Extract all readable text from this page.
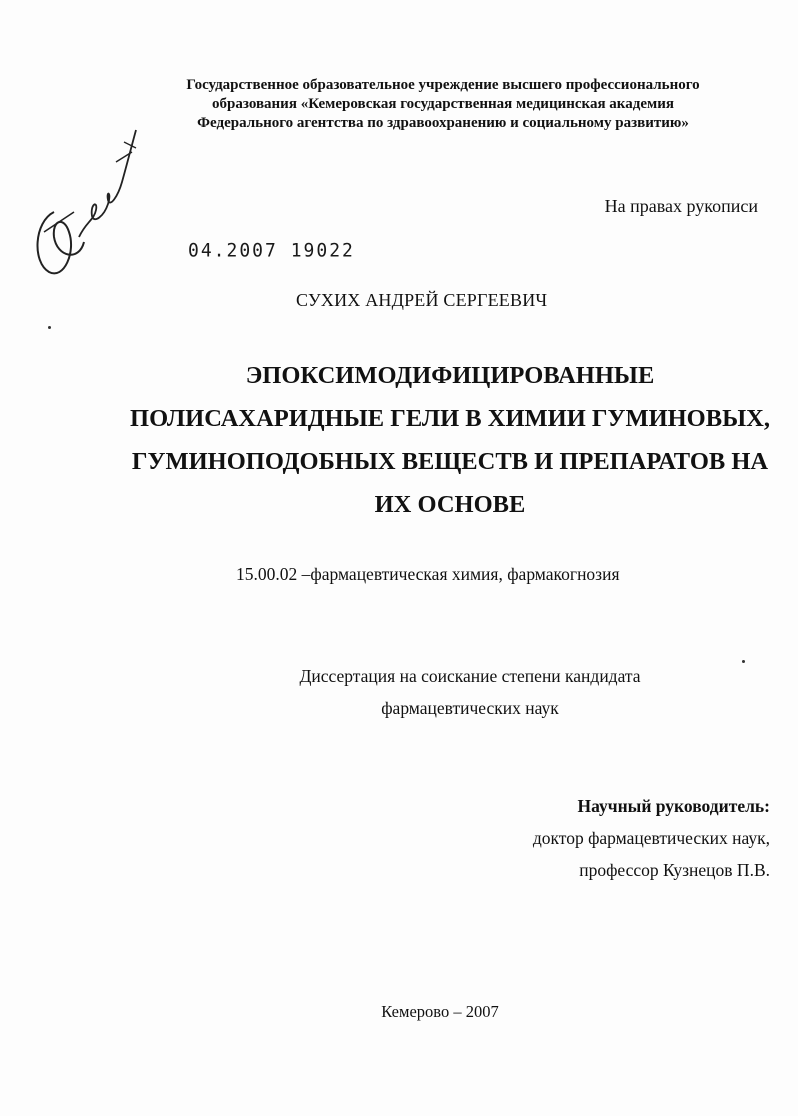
Государственное образовательное учреждение высшего профессионального
образования «Кемеровская государственная медицинская академия
Федерального агентства по здравоохранению и социальному развитию»
На правах рукописи
04.2007 19022
СУХИХ АНДРЕЙ СЕРГЕЕВИЧ
ЭПОКСИМОДИФИЦИРОВАННЫЕ
ПОЛИСАХАРИДНЫЕ ГЕЛИ В ХИМИИ ГУМИНОВЫХ,
ГУМИНОПОДОБНЫХ ВЕЩЕСТВ И ПРЕПАРАТОВ НА
ИХ ОСНОВЕ
15.00.02 –фармацевтическая химия, фармакогнозия
Диссертация на соискание степени кандидата
фармацевтических наук
Научный руководитель:
доктор фармацевтических наук,
профессор Кузнецов П.В.
Кемерово – 2007
